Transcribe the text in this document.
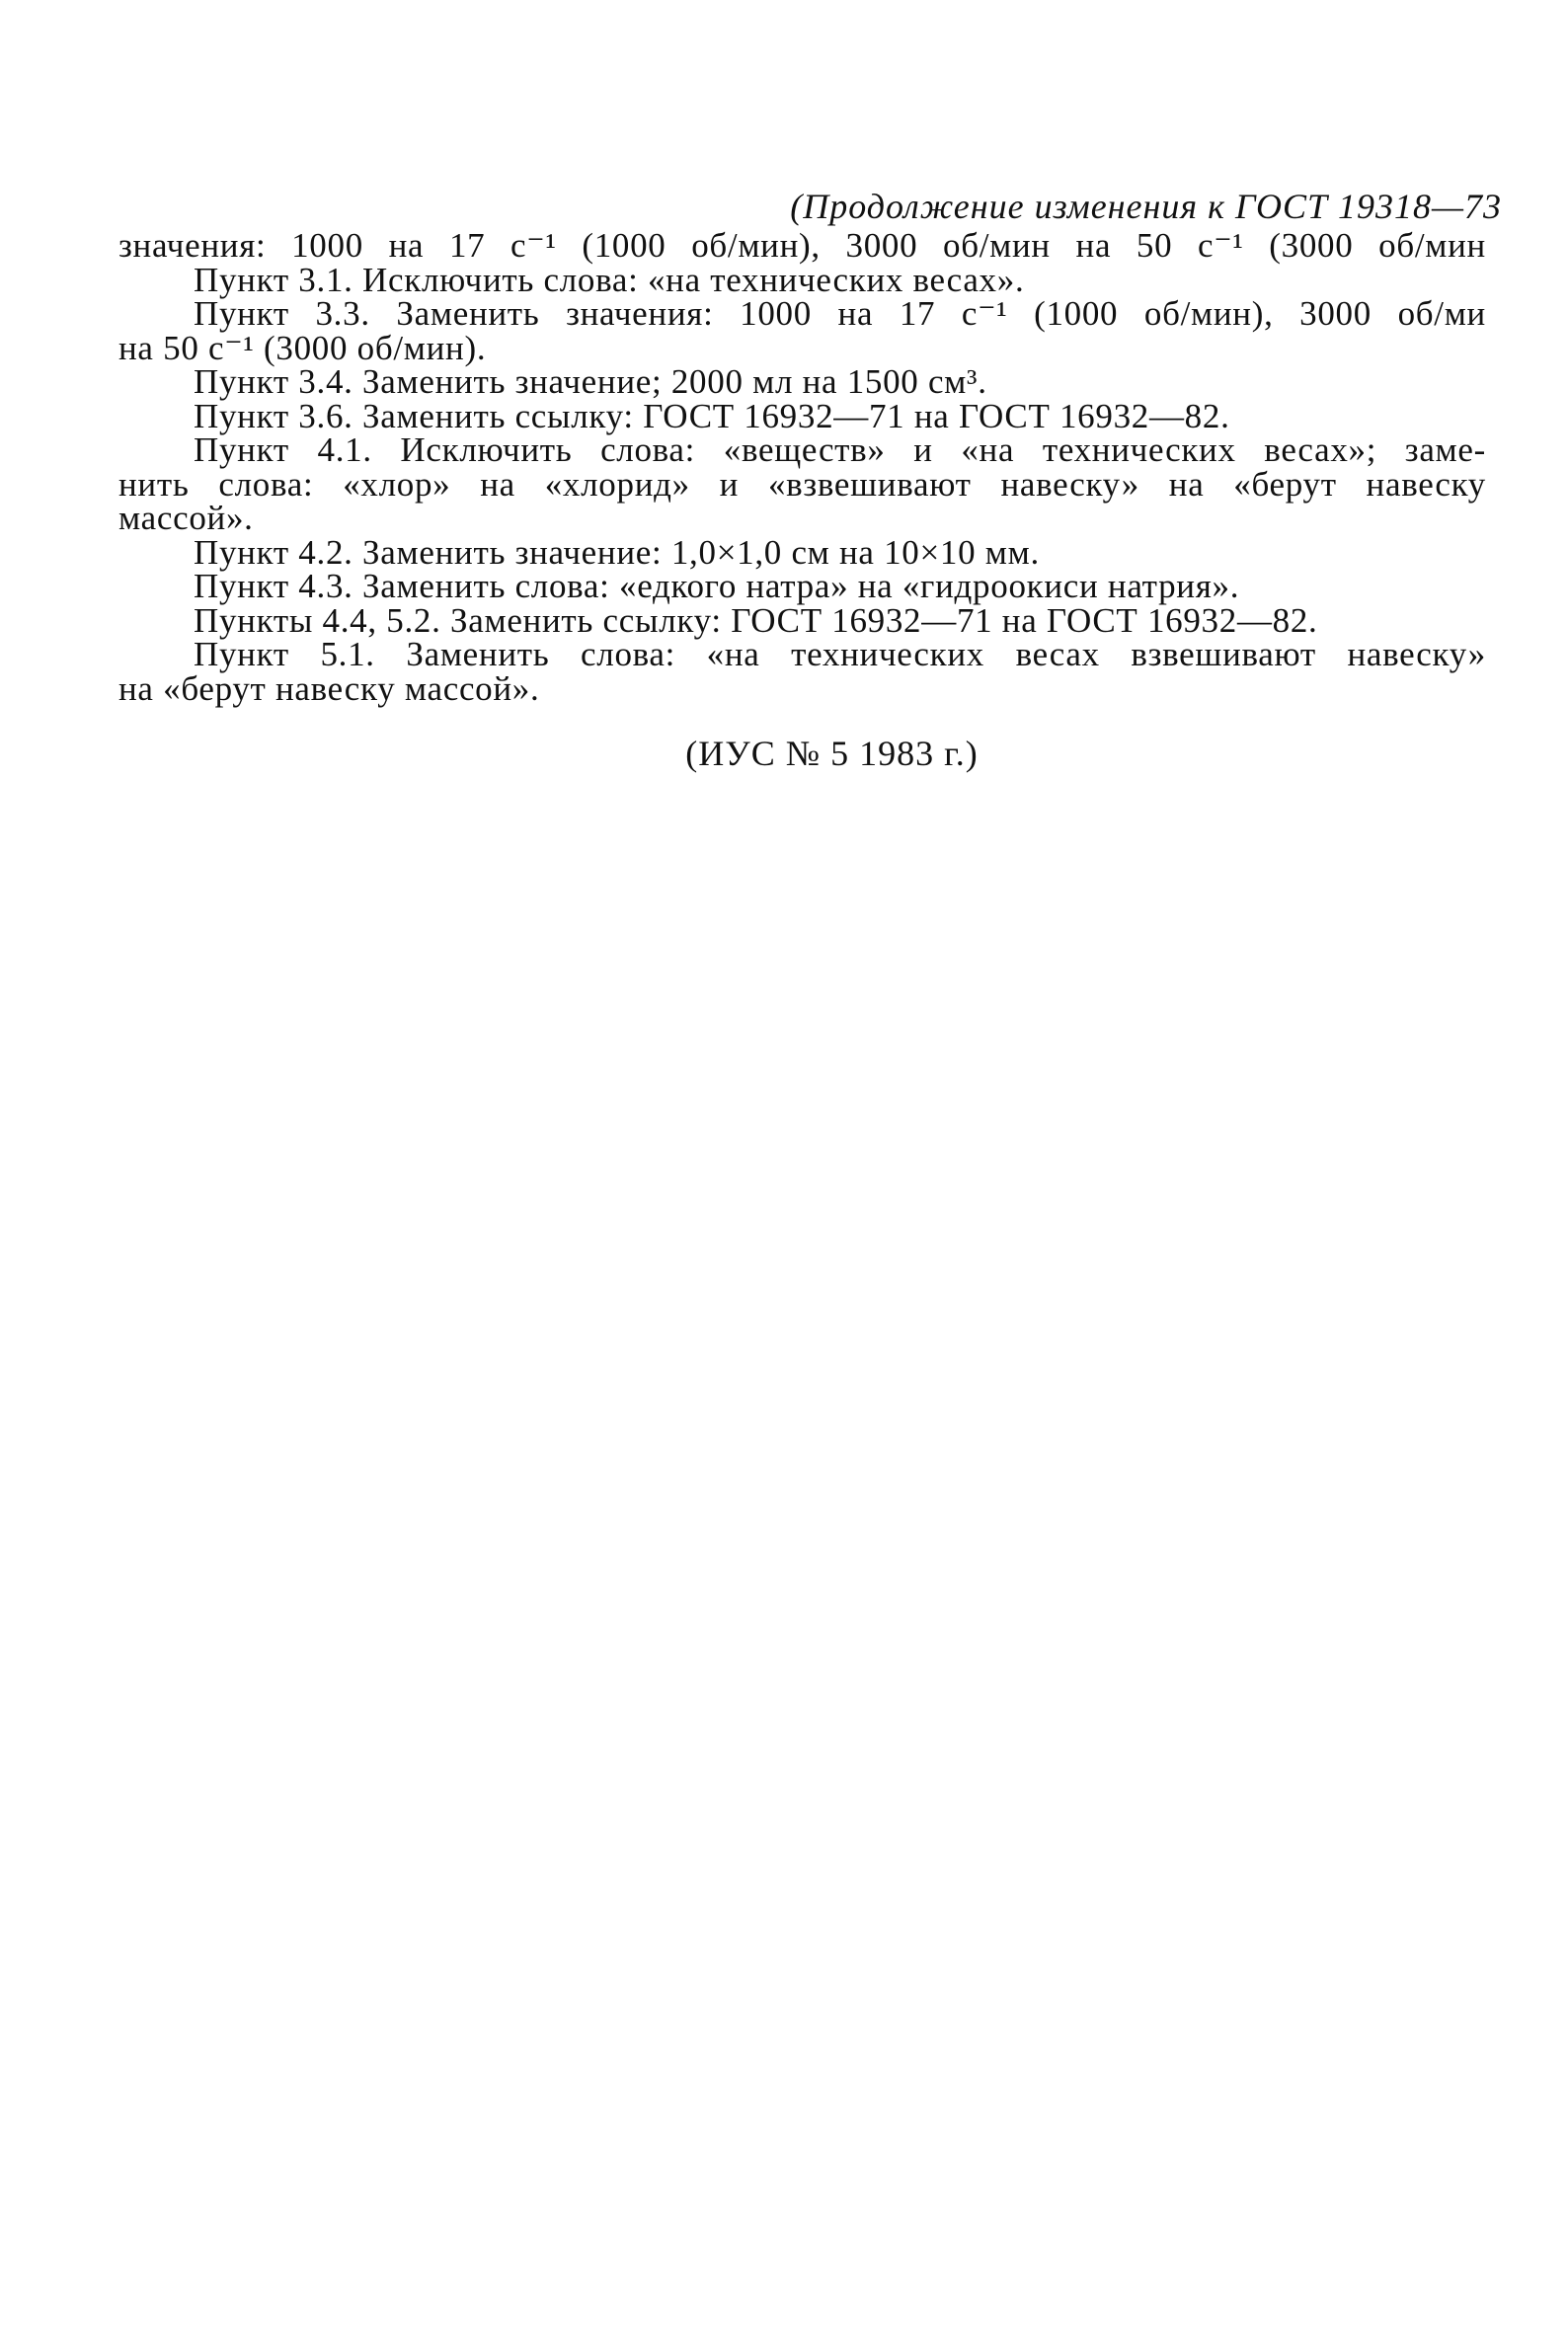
(Продолжение изменения к ГОСТ 19318—73
значения: 1000 на 17 с⁻¹ (1000 об/мин), 3000 об/мин на 50 с⁻¹ (3000 об/мин
Пункт 3.1. Исключить слова: «на технических весах».
Пункт 3.3. Заменить значения: 1000 на 17 с⁻¹ (1000 об/мин), 3000 об/ми
на 50 с⁻¹ (3000 об/мин).
Пункт 3.4. Заменить значение; 2000 мл на 1500 см³.
Пункт 3.6. Заменить ссылку: ГОСТ 16932—71 на ГОСТ 16932—82.
Пункт 4.1. Исключить слова: «веществ» и «на технических весах»; заме-
нить слова: «хлор» на «хлорид» и «взвешивают навеску» на «берут навеску
массой».
Пункт 4.2. Заменить значение: 1,0×1,0 см на 10×10 мм.
Пункт 4.3. Заменить слова: «едкого натра» на «гидроокиси натрия».
Пункты 4.4, 5.2. Заменить ссылку: ГОСТ 16932—71 на ГОСТ 16932—82.
Пункт 5.1. Заменить слова: «на технических весах взвешивают навеску»
на «берут навеску массой».
(ИУС № 5 1983 г.)
